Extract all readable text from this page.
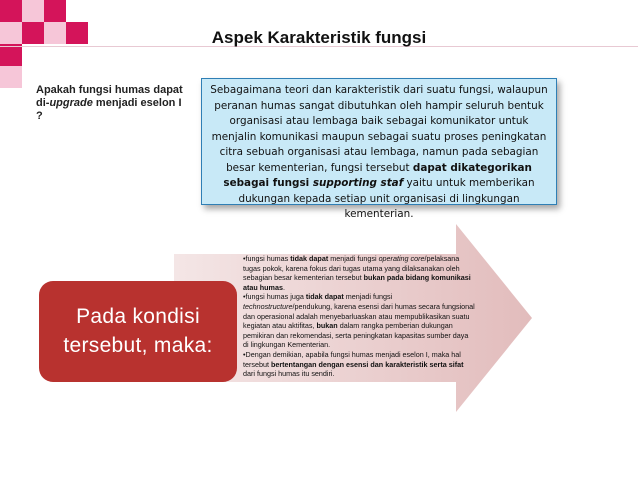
Aspek Karakteristik fungsi
Apakah fungsi humas dapat di-upgrade menjadi eselon I ?
Sebagaimana teori dan karakteristik dari suatu fungsi, walaupun peranan humas sangat dibutuhkan oleh hampir seluruh bentuk organisasi atau lembaga baik sebagai komunikator untuk menjalin komunikasi maupun sebagai suatu proses peningkatan citra sebuah organisasi atau lembaga, namun pada sebagian besar kementerian, fungsi tersebut dapat dikategorikan sebagai fungsi supporting staf yaitu untuk memberikan dukungan kepada setiap unit organisasi di lingkungan kementerian.
Pada kondisi tersebut, maka:

•fungsi humas tidak dapat menjadi fungsi operating core/pelaksana tugas pokok, karena fokus dari tugas utama yang dilaksanakan oleh sebagian besar kementerian tersebut bukan pada bidang komunikasi atau humas.

•fungsi humas juga tidak dapat menjadi fungsi technostructure/pendukung, karena esensi dari humas secara fungsional dan operasional adalah menyebarluaskan atau mempublikasikan suatu kegiatan atau aktifitas, bukan dalam rangka pemberian dukungan pemikiran dan rekomendasi, serta peningkatan kapasitas sumber daya di lingkungan Kementerian.

•Dengan demikian, apabila fungsi humas menjadi eselon I, maka hal tersebut bertentangan dengan esensi dan karakteristik serta sifat dari fungsi humas itu sendiri.
